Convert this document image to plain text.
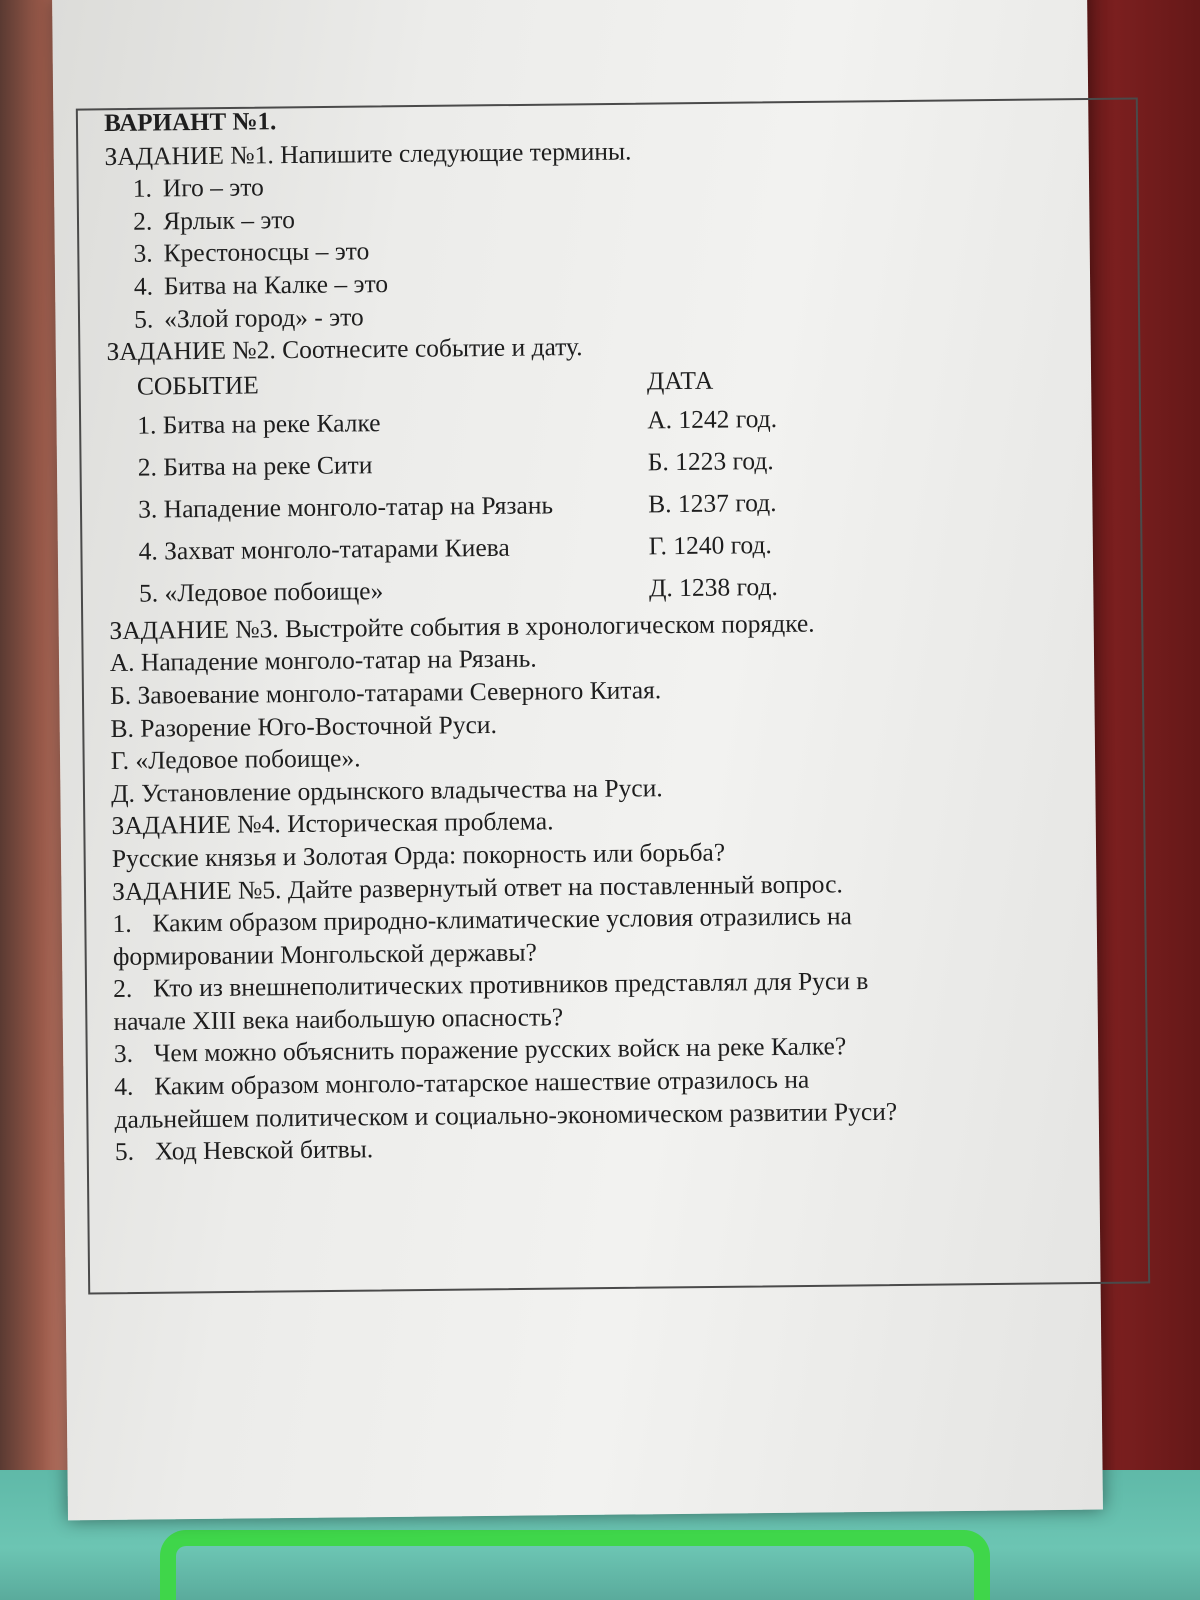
ВАРИАНТ №1.
ЗАДАНИЕ №1. Напишите следующие термины.
1. Иго – это
2. Ярлык – это
3. Крестоносцы – это
4. Битва на Калке – это
5. «Злой город» - это
ЗАДАНИЕ №2. Соотнесите событие и дату.
СОБЫТИЕ	ДАТА
1. Битва на реке Калке	А. 1242 год.
2. Битва на реке Сити	Б. 1223 год.
3. Нападение монголо-татар на Рязань	В. 1237 год.
4. Захват монголо-татарами Киева	Г. 1240 год.
5. «Ледовое побоище»	Д. 1238 год.
ЗАДАНИЕ №3. Выстройте события в хронологическом порядке.
А. Нападение монголо-татар на Рязань.
Б. Завоевание монголо-татарами Северного Китая.
В. Разорение Юго-Восточной Руси.
Г. «Ледовое побоище».
Д. Установление ордынского владычества на Руси.
ЗАДАНИЕ №4. Историческая проблема.
Русские князья и Золотая Орда: покорность или борьба?
ЗАДАНИЕ №5. Дайте развернутый ответ на поставленный вопрос.
1. Каким образом природно-климатические условия отразились на
формировании Монгольской державы?
2. Кто из внешнеполитических противников представлял для Руси в
начале XIII века наибольшую опасность?
3. Чем можно объяснить поражение русских войск на реке Калке?
4. Каким образом монголо-татарское нашествие отразилось на
дальнейшем политическом и социально-экономическом развитии Руси?
5. Ход Невской битвы.
